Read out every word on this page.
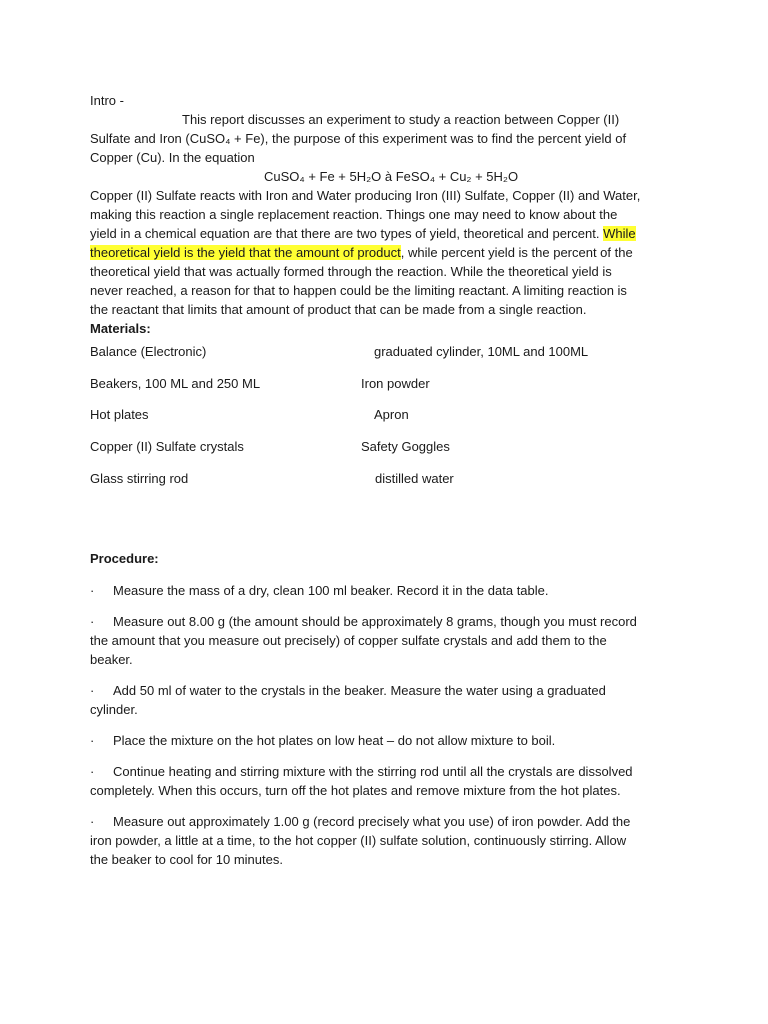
Intro -
This report discusses an experiment to study a reaction between Copper (II)
Sulfate and Iron (CuSO₄ + Fe), the purpose of this experiment was to find the percent yield of
Copper (Cu). In the equation
CuSO₄ + Fe + 5H₂O à FeSO₄ + Cu₂ + 5H₂O
Copper (II) Sulfate reacts with Iron and Water producing Iron (III) Sulfate, Copper (II) and Water,
making this reaction a single replacement reaction. Things one may need to know about the
yield in a chemical equation are that there are two types of yield, theoretical and percent. While
theoretical yield is the yield that the amount of product, while percent yield is the percent of the
theoretical yield that was actually formed through the reaction. While the theoretical yield is
never reached, a reason for that to happen could be the limiting reactant. A limiting reaction is
the reactant that limits that amount of product that can be made from a single reaction.
Materials:
Balance (Electronic)	graduated cylinder, 10ML and 100ML
Beakers, 100 ML and 250 ML	Iron powder
Hot plates	Apron
Copper (II) Sulfate crystals	Safety Goggles
Glass stirring rod	distilled water
Procedure:
· Measure the mass of a dry, clean 100 ml beaker. Record it in the data table.
· Measure out 8.00 g (the amount should be approximately 8 grams, though you must record
the amount that you measure out precisely) of copper sulfate crystals and add them to the
beaker.
· Add 50 ml of water to the crystals in the beaker. Measure the water using a graduated
cylinder.
· Place the mixture on the hot plates on low heat – do not allow mixture to boil.
· Continue heating and stirring mixture with the stirring rod until all the crystals are dissolved
completely. When this occurs, turn off the hot plates and remove mixture from the hot plates.
· Measure out approximately 1.00 g (record precisely what you use) of iron powder. Add the
iron powder, a little at a time, to the hot copper (II) sulfate solution, continuously stirring. Allow
the beaker to cool for 10 minutes.
